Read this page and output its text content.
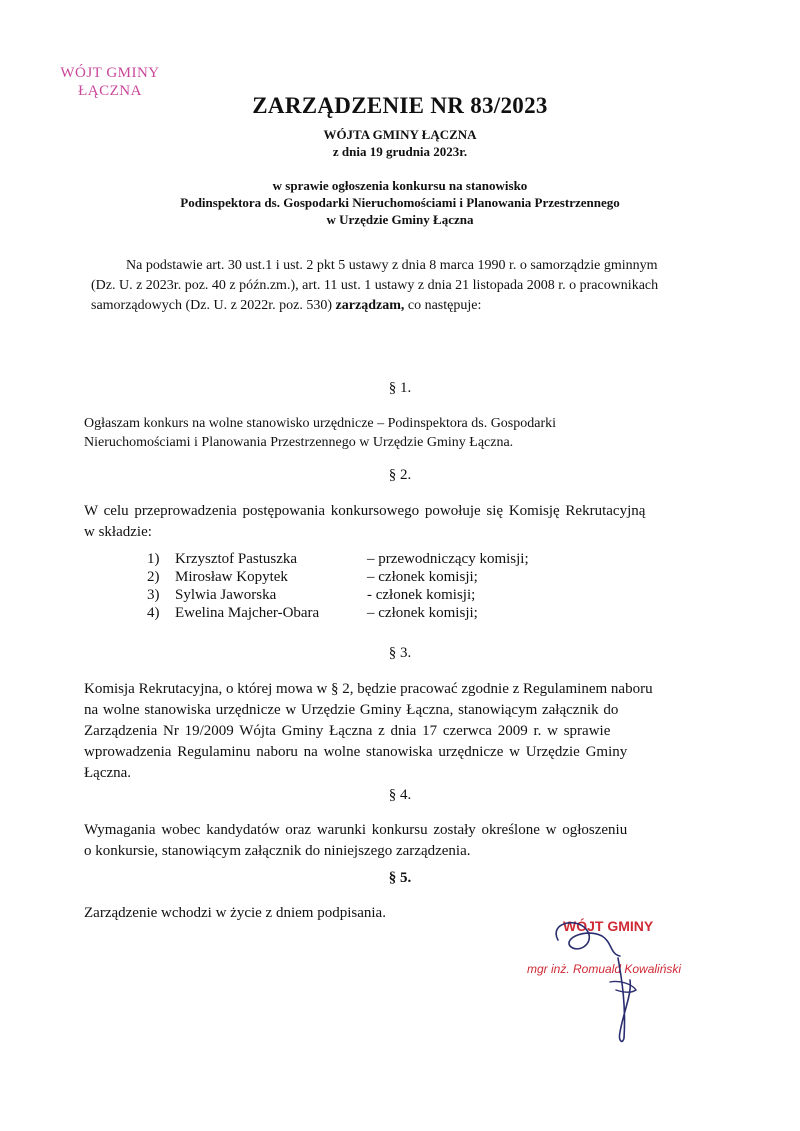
WÓJT GMINY
ŁĄCZNA
ZARZĄDZENIE NR 83/2023
WÓJTA GMINY ŁĄCZNA
z dnia 19 grudnia 2023r.
w sprawie ogłoszenia konkursu na stanowisko
Podinspektora ds. Gospodarki Nieruchomościami i Planowania Przestrzennego
w Urzędzie Gminy Łączna
Na podstawie art. 30 ust.1 i ust. 2 pkt 5 ustawy z dnia 8 marca 1990 r. o samorządzie gminnym
(Dz. U. z 2023r. poz. 40 z późn.zm.), art. 11 ust. 1 ustawy z dnia 21 listopada 2008 r. o pracownikach
samorządowych (Dz. U. z 2022r. poz. 530) zarządzam, co następuje:
§ 1.
Ogłaszam konkurs na wolne stanowisko urzędnicze – Podinspektora ds. Gospodarki
Nieruchomościami i Planowania Przestrzennego w Urzędzie Gminy Łączna.
§ 2.
W celu przeprowadzenia postępowania konkursowego powołuje się Komisję Rekrutacyjną
w składzie:
1) Krzysztof Pastuszka	– przewodniczący komisji;
2) Mirosław Kopytek	– członek komisji;
3) Sylwia Jaworska	- członek komisji;
4) Ewelina Majcher-Obara	– członek komisji;
§ 3.
Komisja Rekrutacyjna, o której mowa w § 2, będzie pracować zgodnie z Regulaminem naboru
na wolne stanowiska urzędnicze w Urzędzie Gminy Łączna, stanowiącym załącznik do
Zarządzenia Nr 19/2009 Wójta Gminy Łączna z dnia 17 czerwca 2009 r. w sprawie
wprowadzenia Regulaminu naboru na wolne stanowiska urzędnicze w Urzędzie Gminy
Łączna.
§ 4.
Wymagania wobec kandydatów oraz warunki konkursu zostały określone w ogłoszeniu
o konkursie, stanowiącym załącznik do niniejszego zarządzenia.
§ 5.
Zarządzenie wchodzi w życie z dniem podpisania.
WÓJT GMINY
mgr inż. Romuald Kowaliński
